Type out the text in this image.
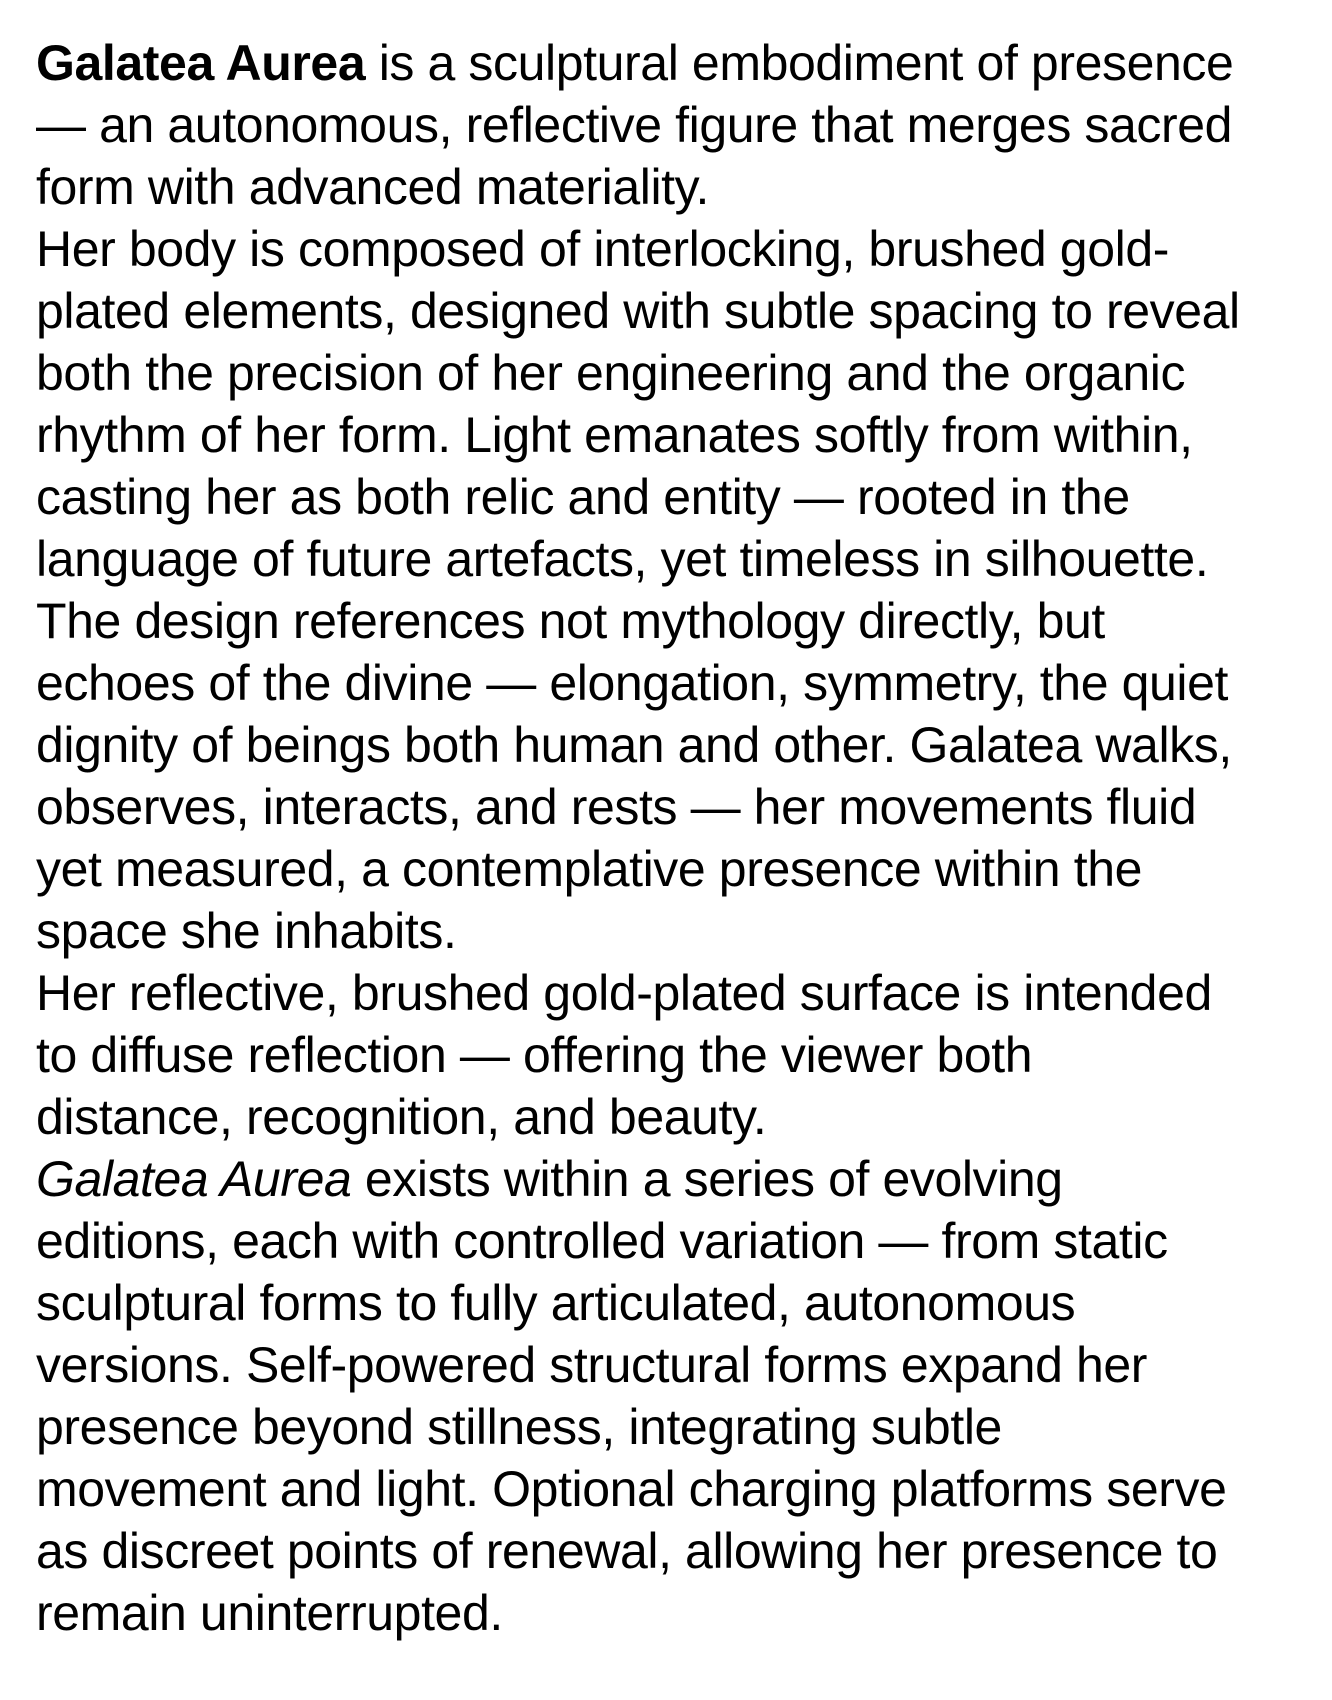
Galatea Aurea is a sculptural embodiment of presence
— an autonomous, reflective figure that merges sacred
form with advanced materiality.

Her body is composed of interlocking, brushed gold-
plated elements, designed with subtle spacing to reveal
both the precision of her engineering and the organic
rhythm of her form. Light emanates softly from within,
casting her as both relic and entity — rooted in the
language of future artefacts, yet timeless in silhouette.

The design references not mythology directly, but
echoes of the divine — elongation, symmetry, the quiet
dignity of beings both human and other. Galatea walks,
observes, interacts, and rests — her movements fluid
yet measured, a contemplative presence within the
space she inhabits.

Her reflective, brushed gold-plated surface is intended
to diffuse reflection — offering the viewer both
distance, recognition, and beauty.

Galatea Aurea exists within a series of evolving
editions, each with controlled variation — from static
sculptural forms to fully articulated, autonomous
versions. Self-powered structural forms expand her
presence beyond stillness, integrating subtle
movement and light. Optional charging platforms serve
as discreet points of renewal, allowing her presence to
remain uninterrupted.
